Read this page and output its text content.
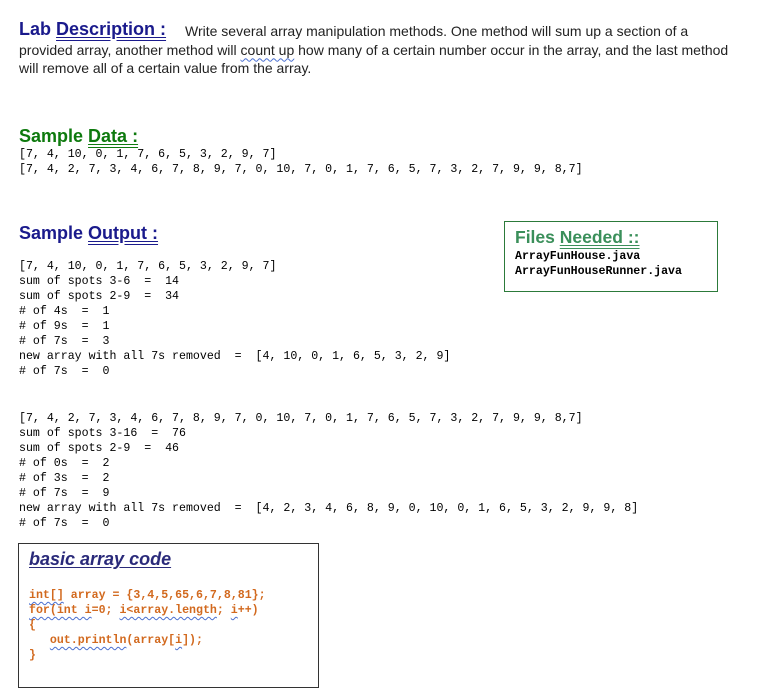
Lab Description :	Write several array manipulation methods. One method will sum up a section of a provided array, another method will count up how many of a certain number occur in the array, and the last method will remove all of a certain value from the array.
Sample Data :
[7, 4, 10, 0, 1, 7, 6, 5, 3, 2, 9, 7]
[7, 4, 2, 7, 3, 4, 6, 7, 8, 9, 7, 0, 10, 7, 0, 1, 7, 6, 5, 7, 3, 2, 7, 9, 9, 8,7]
Sample Output :

[7, 4, 10, 0, 1, 7, 6, 5, 3, 2, 9, 7]
sum of spots 3-6  =  14
sum of spots 2-9  =  34
# of 4s  =  1
# of 9s  =  1
# of 7s  =  3
new array with all 7s removed  =  [4, 10, 0, 1, 6, 5, 3, 2, 9]
# of 7s  =  0

[7, 4, 2, 7, 3, 4, 6, 7, 8, 9, 7, 0, 10, 7, 0, 1, 7, 6, 5, 7, 3, 2, 7, 9, 9, 8,7]
sum of spots 3-16  =  76
sum of spots 2-9  =  46
# of 0s  =  2
# of 3s  =  2
# of 7s  =  9
new array with all 7s removed  =  [4, 2, 3, 4, 6, 8, 9, 0, 10, 0, 1, 6, 5, 3, 2, 9, 9, 8]
# of 7s  =  0

Files Needed ::
ArrayFunHouse.java
ArrayFunHouseRunner.java
basic array code
int[] array = {3,4,5,65,6,7,8,81};
for(int i=0; i<array.length; i++)
{
out.println(array[i]);
}
